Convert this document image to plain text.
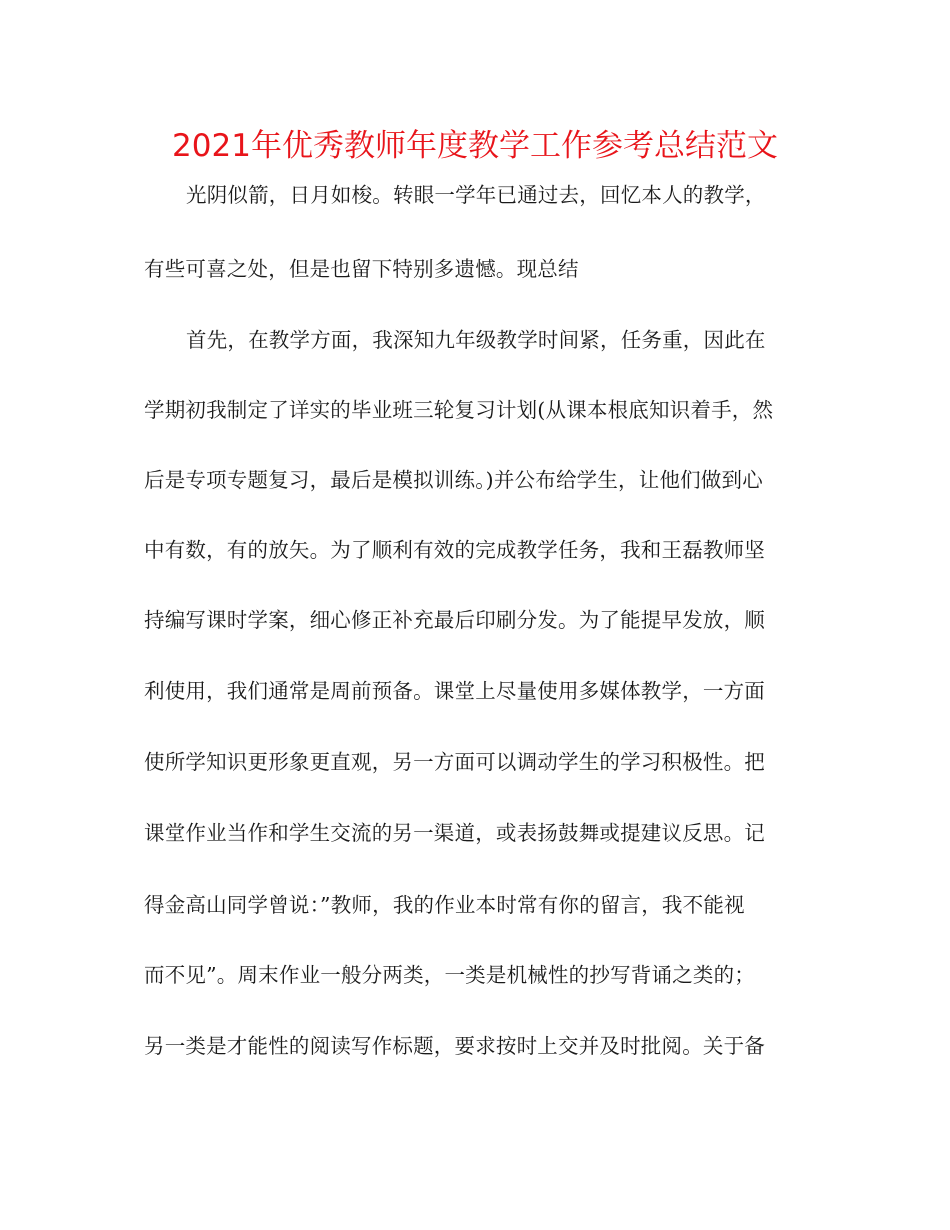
2021年优秀教师年度教学工作参考总结范文
光阴似箭，日月如梭。转眼一学年已通过去，回忆本人的教学，
有些可喜之处，但是也留下特别多遗憾。现总结
首先，在教学方面，我深知九年级教学时间紧，任务重，因此在
学期初我制定了详实的毕业班三轮复习计划(从课本根底知识着手，然
后是专项专题复习，最后是模拟训练。)并公布给学生，让他们做到心
中有数，有的放矢。为了顺利有效的完成教学任务，我和王磊教师坚
持编写课时学案，细心修正补充最后印刷分发。为了能提早发放，顺
利使用，我们通常是周前预备。课堂上尽量使用多媒体教学，一方面
使所学知识更形象更直观，另一方面可以调动学生的学习积极性。把
课堂作业当作和学生交流的另一渠道，或表扬鼓舞或提建议反思。记
得金高山同学曾说：”教师，我的作业本时常有你的留言，我不能视
而不见”。周末作业一般分两类，一类是机械性的抄写背诵之类的；
另一类是才能性的阅读写作标题，要求按时上交并及时批阅。关于备
